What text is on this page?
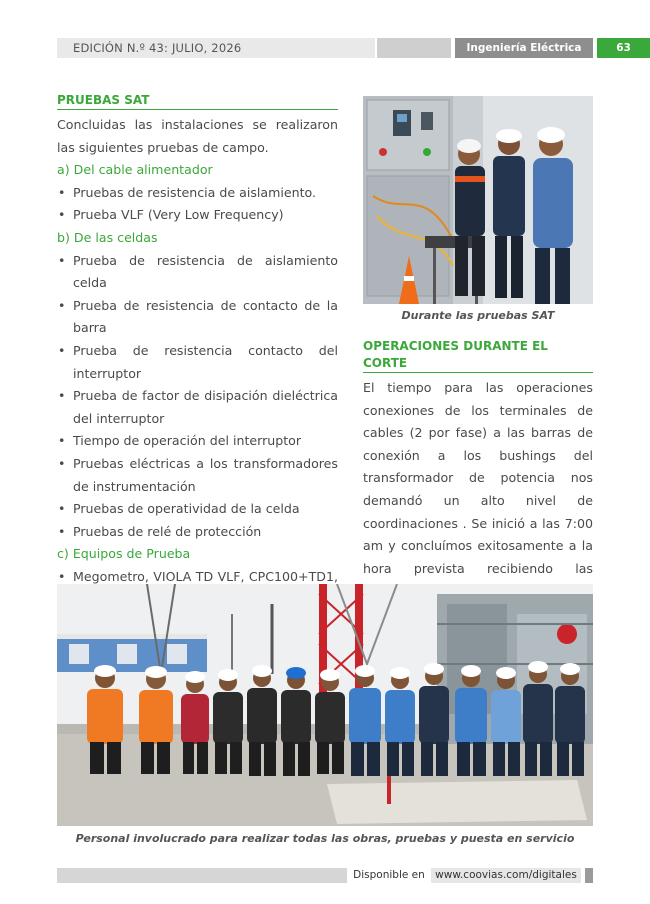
EDICIÓN N.º 43: JULIO, 2026	Ingeniería Eléctrica	63
PRUEBAS SAT

Concluidas las instalaciones se realizaron las siguientes pruebas de campo.

a) Del cable alimentador
• Pruebas de resistencia de aislamiento.
• Prueba VLF (Very Low Frequency)
b) De las celdas
• Prueba de resistencia de aislamiento celda
• Prueba de resistencia de contacto de la barra
• Prueba de resistencia contacto del interruptor
• Prueba de factor de disipación dieléctrica del interruptor
• Tiempo de operación del interruptor
• Pruebas eléctricas a los transformadores de instrumentación
• Pruebas de operatividad de la celda
• Pruebas de relé de protección
c) Equipos de Prueba
• Megometro, VIOLA TD VLF, CPC100+TD1,
Durante las pruebas SAT
OPERACIONES DURANTE EL CORTE

El tiempo para las operaciones conexiones de los terminales de cables (2 por fase) a las barras de conexión a los bushings del transformador de potencia nos demandó un alto nivel de coordinaciones . Se inició a las 7:00 am y concluímos exitosamente a la hora prevista recibiendo las

Personal involucrado para realizar todas las obras, pruebas y puesta en servicio
Disponible en www.coovias.com/digitales
